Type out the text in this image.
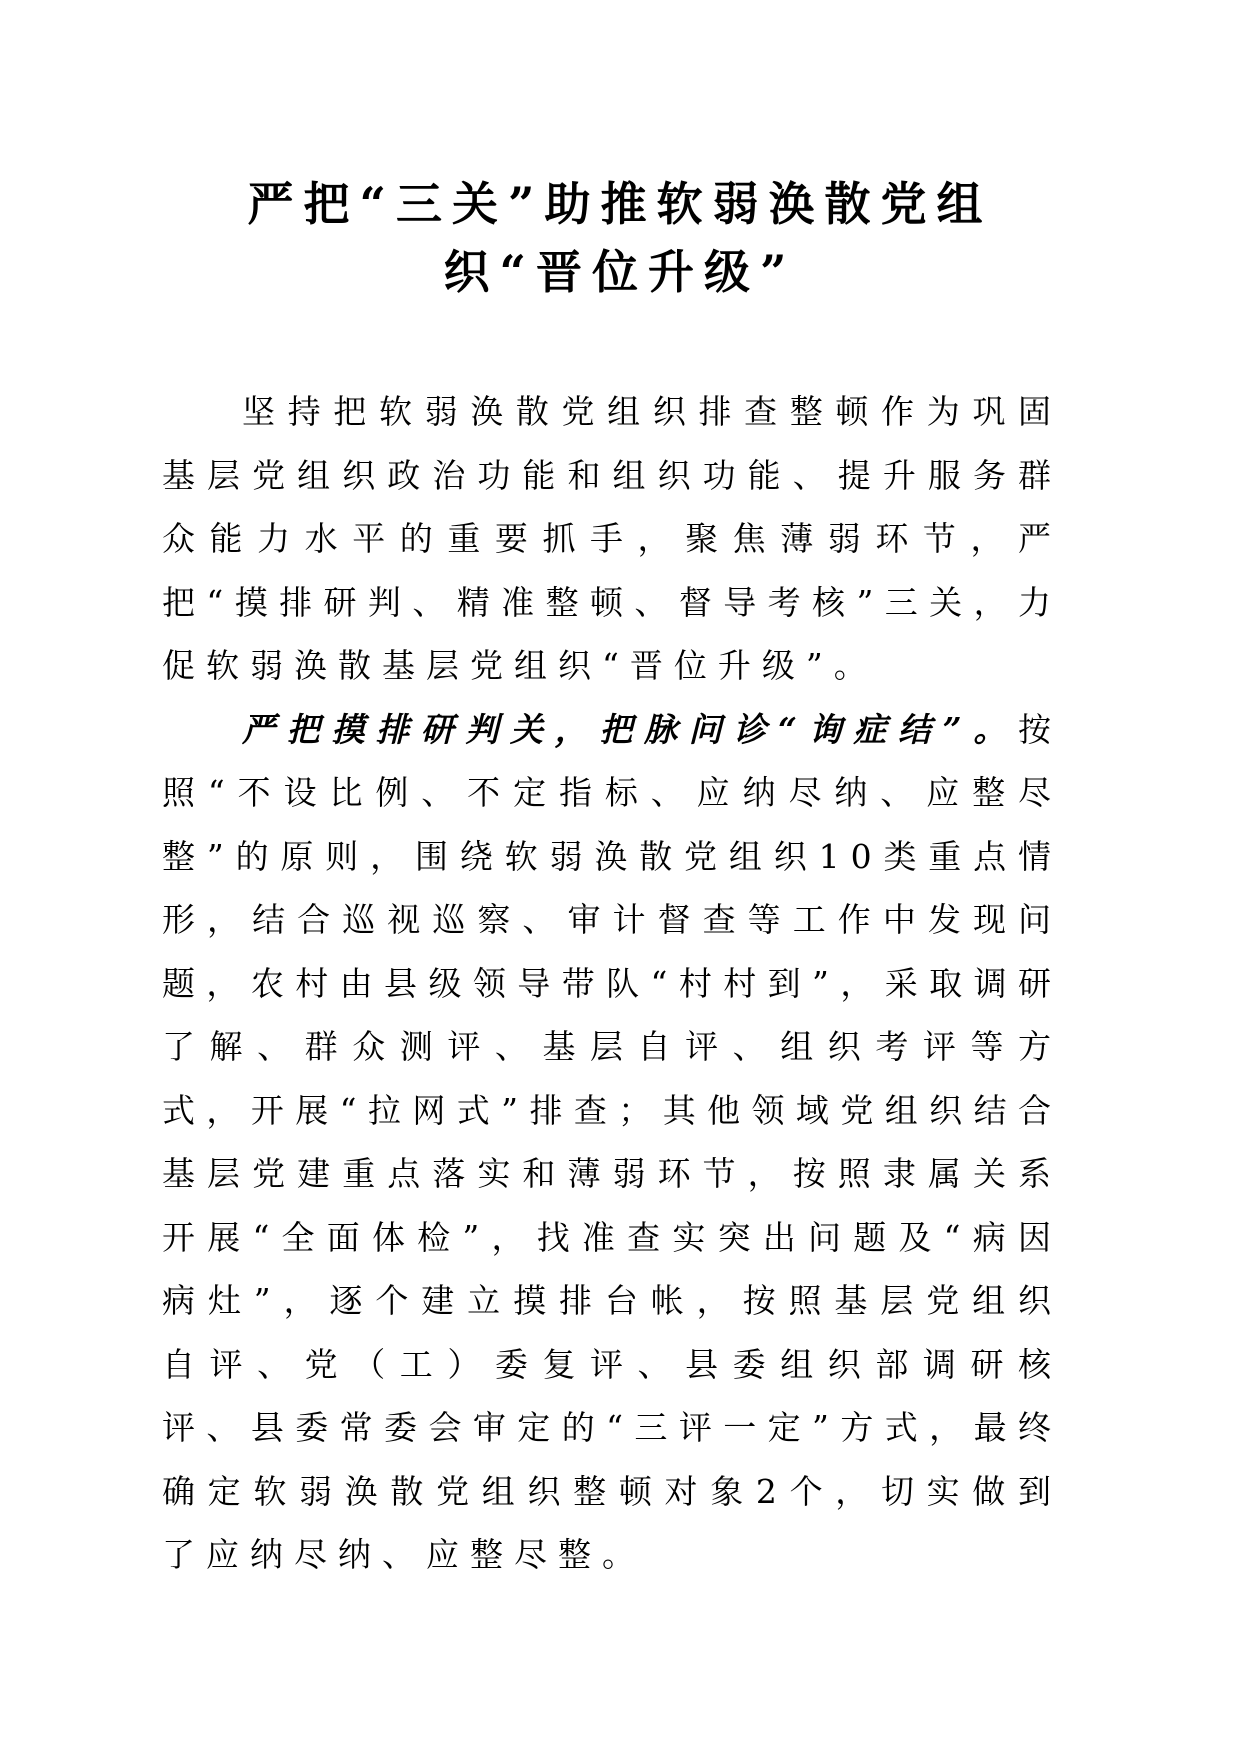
严把“三关”助推软弱涣散党组
织“晋位升级”

坚持把软弱涣散党组织排查整顿作为巩固基层党组织政治功能和组织功能、提升服务群众能力水平的重要抓手，聚焦薄弱环节，严把“摸排研判、精准整顿、督导考核”三关，力促软弱涣散基层党组织“晋位升级”。

严把摸排研判关，把脉问诊“询症结”。按照“不设比例、不定指标、应纳尽纳、应整尽整”的原则，围绕软弱涣散党组织10类重点情形，结合巡视巡察、审计督查等工作中发现问题，农村由县级领导带队“村村到”，采取调研了解、群众测评、基层自评、组织考评等方式，开展“拉网式”排查；其他领域党组织结合基层党建重点落实和薄弱环节，按照隶属关系开展“全面体检”，找准查实突出问题及“病因病灶”，逐个建立摸排台帐，按照基层党组织自评、党（工）委复评、县委组织部调研核评、县委常委会审定的“三评一定”方式，最终确定软弱涣散党组织整顿对象2个，切实做到了应纳尽纳、应整尽整。
